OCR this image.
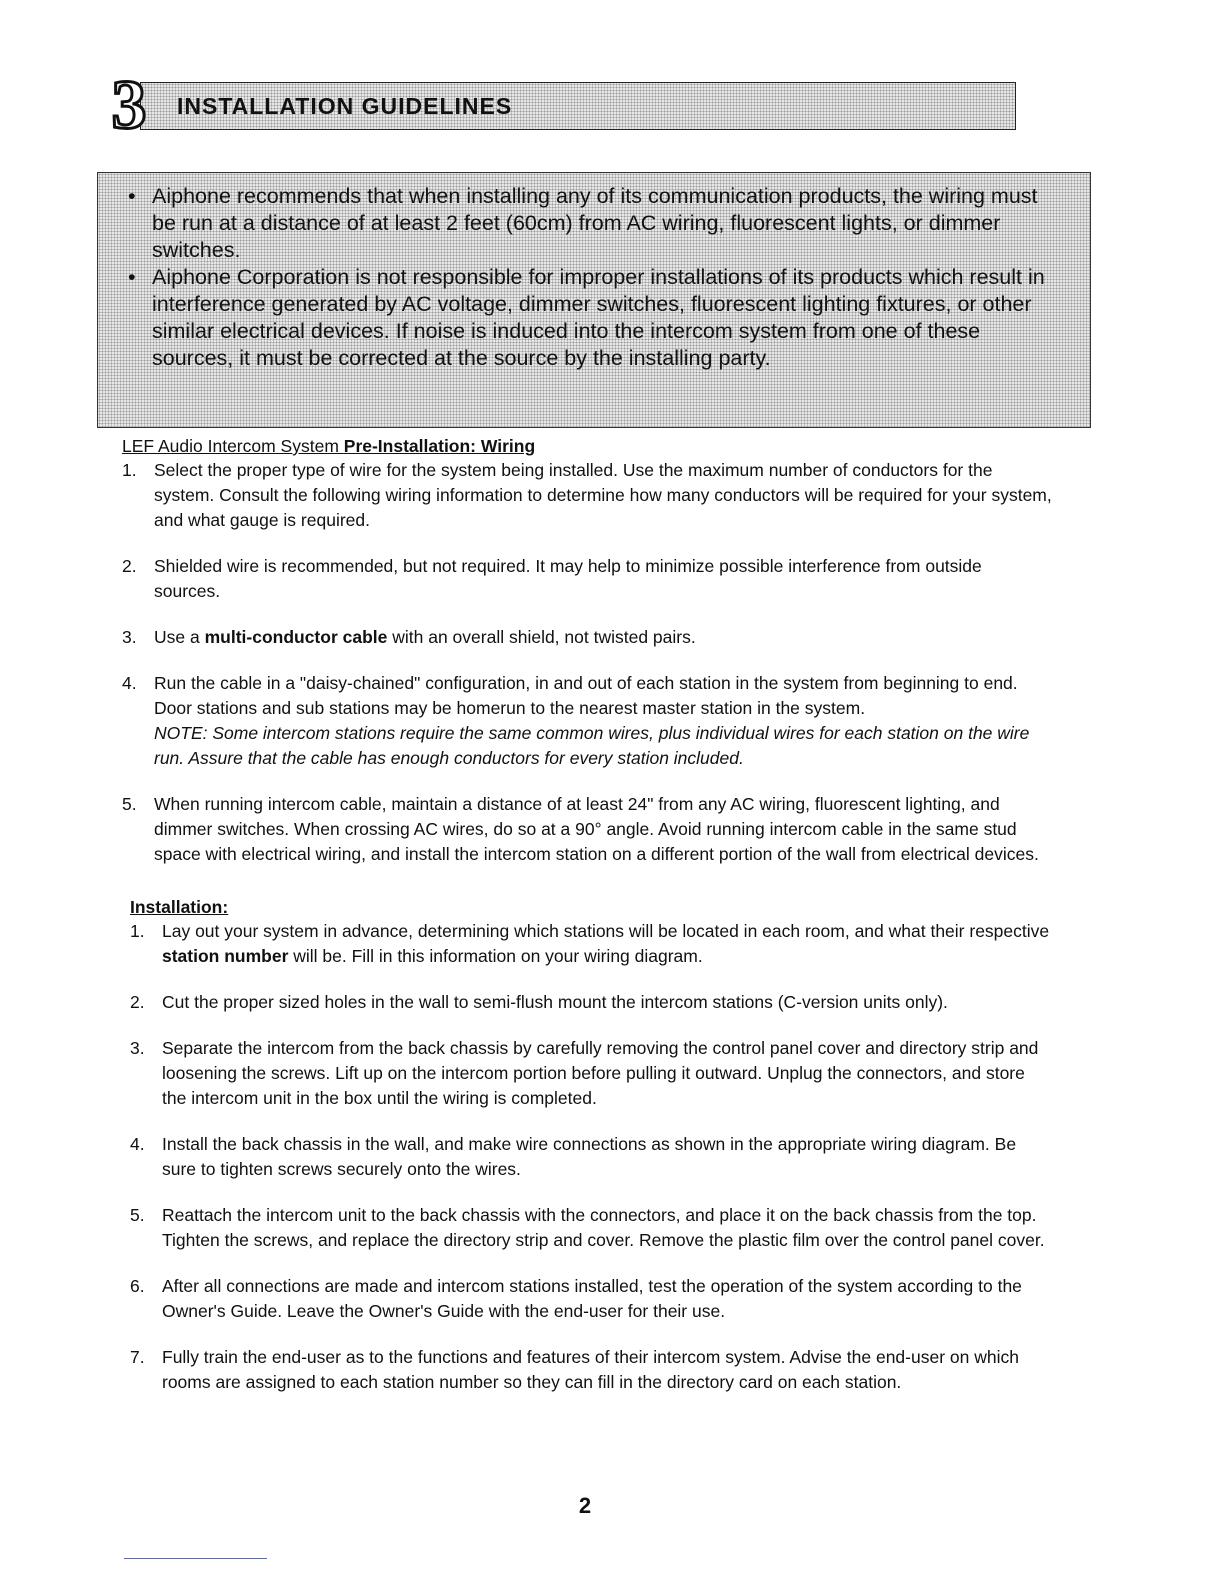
INSTALLATION GUIDELINES
3
• Aiphone recommends that when installing any of its communication products, the wiring must be run at a distance of at least 2 feet (60cm) from AC wiring, fluorescent lights, or dimmer switches.
• Aiphone Corporation is not responsible for improper installations of its products which result in interference generated by AC voltage, dimmer switches, fluorescent lighting fixtures, or other similar electrical devices. If noise is induced into the intercom system from one of these sources, it must be corrected at the source by the installing party.
LEF Audio Intercom System Pre-Installation: Wiring
1. Select the proper type of wire for the system being installed. Use the maximum number of conductors for the system. Consult the following wiring information to determine how many conductors will be required for your system, and what gauge is required.
2. Shielded wire is recommended, but not required. It may help to minimize possible interference from outside sources.
3. Use a multi-conductor cable with an overall shield, not twisted pairs.
4. Run the cable in a "daisy-chained" configuration, in and out of each station in the system from beginning to end. Door stations and sub stations may be homerun to the nearest master station in the system.
NOTE: Some intercom stations require the same common wires, plus individual wires for each station on the wire run. Assure that the cable has enough conductors for every station included.
5. When running intercom cable, maintain a distance of at least 24" from any AC wiring, fluorescent lighting, and dimmer switches. When crossing AC wires, do so at a 90° angle. Avoid running intercom cable in the same stud space with electrical wiring, and install the intercom station on a different portion of the wall from electrical devices.
Installation:
1. Lay out your system in advance, determining which stations will be located in each room, and what their respective station number will be. Fill in this information on your wiring diagram.
2. Cut the proper sized holes in the wall to semi-flush mount the intercom stations (C-version units only).
3. Separate the intercom from the back chassis by carefully removing the control panel cover and directory strip and loosening the screws. Lift up on the intercom portion before pulling it outward. Unplug the connectors, and store the intercom unit in the box until the wiring is completed.
4. Install the back chassis in the wall, and make wire connections as shown in the appropriate wiring diagram. Be sure to tighten screws securely onto the wires.
5. Reattach the intercom unit to the back chassis with the connectors, and place it on the back chassis from the top. Tighten the screws, and replace the directory strip and cover. Remove the plastic film over the control panel cover.
6. After all connections are made and intercom stations installed, test the operation of the system according to the Owner's Guide. Leave the Owner's Guide with the end-user for their use.
7. Fully train the end-user as to the functions and features of their intercom system. Advise the end-user on which rooms are assigned to each station number so they can fill in the directory card on each station.
2
